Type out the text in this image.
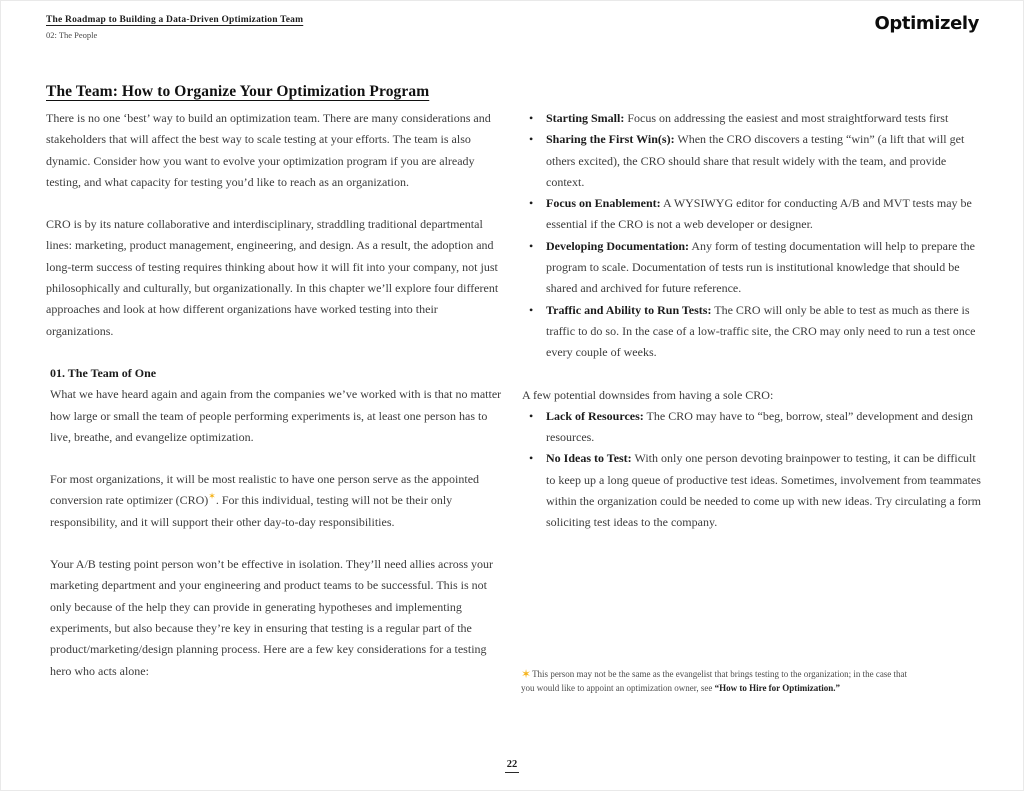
The Roadmap to Building a Data-Driven Optimization Team
02: The People
Optimizely
The Team: How to Organize Your Optimization Program

There is no one ‘best’ way to build an optimization team. There are many considerations and stakeholders that will affect the best way to scale testing at your efforts. The team is also dynamic. Consider how you want to evolve your optimization program if you are already testing, and what capacity for testing you’d like to reach as an organization.

CRO is by its nature collaborative and interdisciplinary, straddling traditional departmental lines: marketing, product management, engineering, and design. As a result, the adoption and long-term success of testing requires thinking about how it will fit into your company, not just philosophically and culturally, but organizationally. In this chapter we’ll explore four different approaches and look at how different organizations have worked testing into their organizations.

01. The Team of One

What we have heard again and again from the companies we’ve worked with is that no matter how large or small the team of people performing experiments is, at least one person has to live, breathe, and evangelize optimization.

For most organizations, it will be most realistic to have one person serve as the appointed conversion rate optimizer (CRO)✶. For this individual, testing will not be their only responsibility, and it will support their other day-to-day responsibilities.

Your A/B testing point person won’t be effective in isolation. They’ll need allies across your marketing department and your engineering and product teams to be successful. This is not only because of the help they can provide in generating hypotheses and implementing experiments, but also because they’re key in ensuring that testing is a regular part of the product/marketing/design planning process. Here are a few key considerations for a testing hero who acts alone:

•
Starting Small: Focus on addressing the easiest and most straightforward tests first
•
Sharing the First Win(s): When the CRO discovers a testing “win” (a lift that will get others excited), the CRO should share that result widely with the team, and provide context.
•
Focus on Enablement: A WYSIWYG editor for conducting A/B and MVT tests may be essential if the CRO is not a web developer or designer.
•
Developing Documentation: Any form of testing documentation will help to prepare the program to scale. Documentation of tests run is institutional knowledge that should be shared and archived for future reference.
•
Traffic and Ability to Run Tests: The CRO will only be able to test as much as there is traffic to do so. In the case of a low-traffic site, the CRO may only need to run a test once every couple of weeks.

A few potential downsides from having a sole CRO:

•
Lack of Resources: The CRO may have to “beg, borrow, steal” development and design resources.
•
No Ideas to Test: With only one person devoting brainpower to testing, it can be difficult to keep up a long queue of productive test ideas. Sometimes, involvement from teammates within the organization could be needed to come up with new ideas. Try circulating a form soliciting test ideas to the company.
✶This person may not be the same as the evangelist that brings testing to the organization; in the case that you would like to appoint an optimization owner, see “How to Hire for Optimization.”
22
